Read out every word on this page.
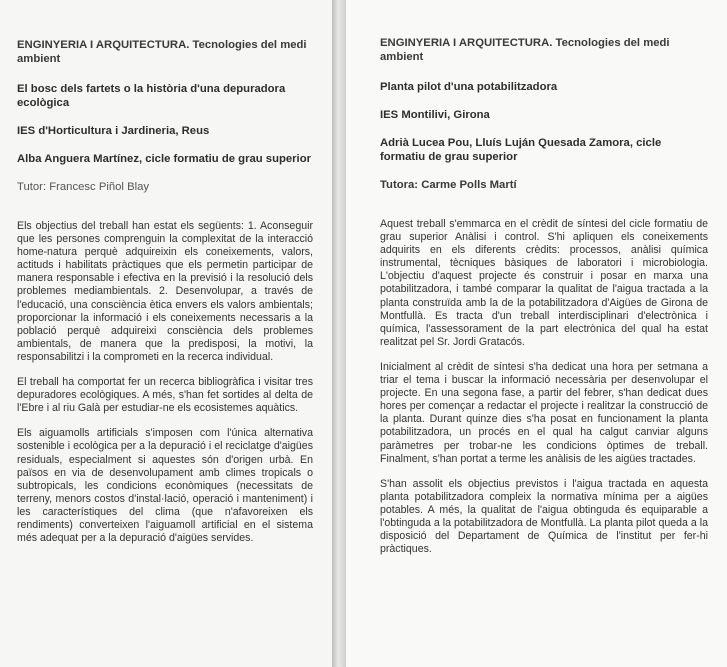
ENGINYERIA I ARQUITECTURA. Tecnologies del medi ambient
El bosc dels fartets o la història d'una depuradora ecològica
IES d'Horticultura i Jardineria, Reus
Alba Anguera Martínez, cicle formatiu de grau superior
Tutor: Francesc Piñol Blay

Els objectius del treball han estat els següents: 1. Aconseguir que les persones comprenguin la complexitat de la interacció home-natura perquè adquireixin els coneixements, valors, actituds i habilitats pràctiques que els permetin participar de manera responsable i efectiva en la previsió i la resolució dels problemes mediambientals. 2. Desenvolupar, a través de l'educació, una consciència ètica envers els valors ambientals; proporcionar la informació i els coneixements necessaris a la població perquè adquireixi consciència dels problemes ambientals, de manera que la predisposi, la motivi, la responsabilitzi i la comprometi en la recerca individual.

El treball ha comportat fer un recerca bibliogràfica i visitar tres depuradores ecològiques. A més, s'han fet sortides al delta de l'Ebre i al riu Galà per estudiar-ne els ecosistemes aquàtics.

Els aiguamolls artificials s'imposen com l'única alternativa sostenible i ecològica per a la depuració i el reciclatge d'aigües residuals, especialment si aquestes són d'origen urbà. En països en via de desenvolupament amb climes tropicals o subtropicals, les condicions econòmiques (necessitats de terreny, menors costos d'instal·lació, operació i manteniment) i les característiques del clima (que n'afavoreixen els rendiments) converteixen l'aiguamoll artificial en el sistema més adequat per a la depuració d'aigües servides.

ENGINYERIA I ARQUITECTURA. Tecnologies del medi ambient
Planta pilot d'una potabilitzadora
IES Montilivi, Girona
Adrià Lucea Pou, Lluís Luján Quesada Zamora, cicle formatiu de grau superior
Tutora: Carme Polls Martí

Aquest treball s'emmarca en el crèdit de síntesi del cicle formatiu de grau superior Anàlisi i control. S'hi apliquen els coneixements adquirits en els diferents crèdits: processos, anàlisi química instrumental, tècniques bàsiques de laboratori i microbiologia. L'objectiu d'aquest projecte és construir i posar en marxa una potabilitzadora, i també comparar la qualitat de l'aigua tractada a la planta construïda amb la de la potabilitzadora d'Aigües de Girona de Montfullà. Es tracta d'un treball interdisciplinari d'electrònica i química, l'assessorament de la part electrònica del qual ha estat realitzat pel Sr. Jordi Gratacós.

Inicialment al crèdit de síntesi s'ha dedicat una hora per setmana a triar el tema i buscar la informació necessària per desenvolupar el projecte. En una segona fase, a partir del febrer, s'han dedicat dues hores per començar a redactar el projecte i realitzar la construcció de la planta. Durant quinze dies s'ha posat en funcionament la planta potabilitzadora, un procés en el qual ha calgut canviar alguns paràmetres per trobar-ne les condicions òptimes de treball. Finalment, s'han portat a terme les anàlisis de les aigües tractades.

S'han assolit els objectius previstos i l'aigua tractada en aquesta planta potabilitzadora compleix la normativa mínima per a aigües potables. A més, la qualitat de l'aigua obtinguda és equiparable a l'obtinguda a la potabilitzadora de Montfullà. La planta pilot queda a la disposició del Departament de Química de l'institut per fer-hi pràctiques.
